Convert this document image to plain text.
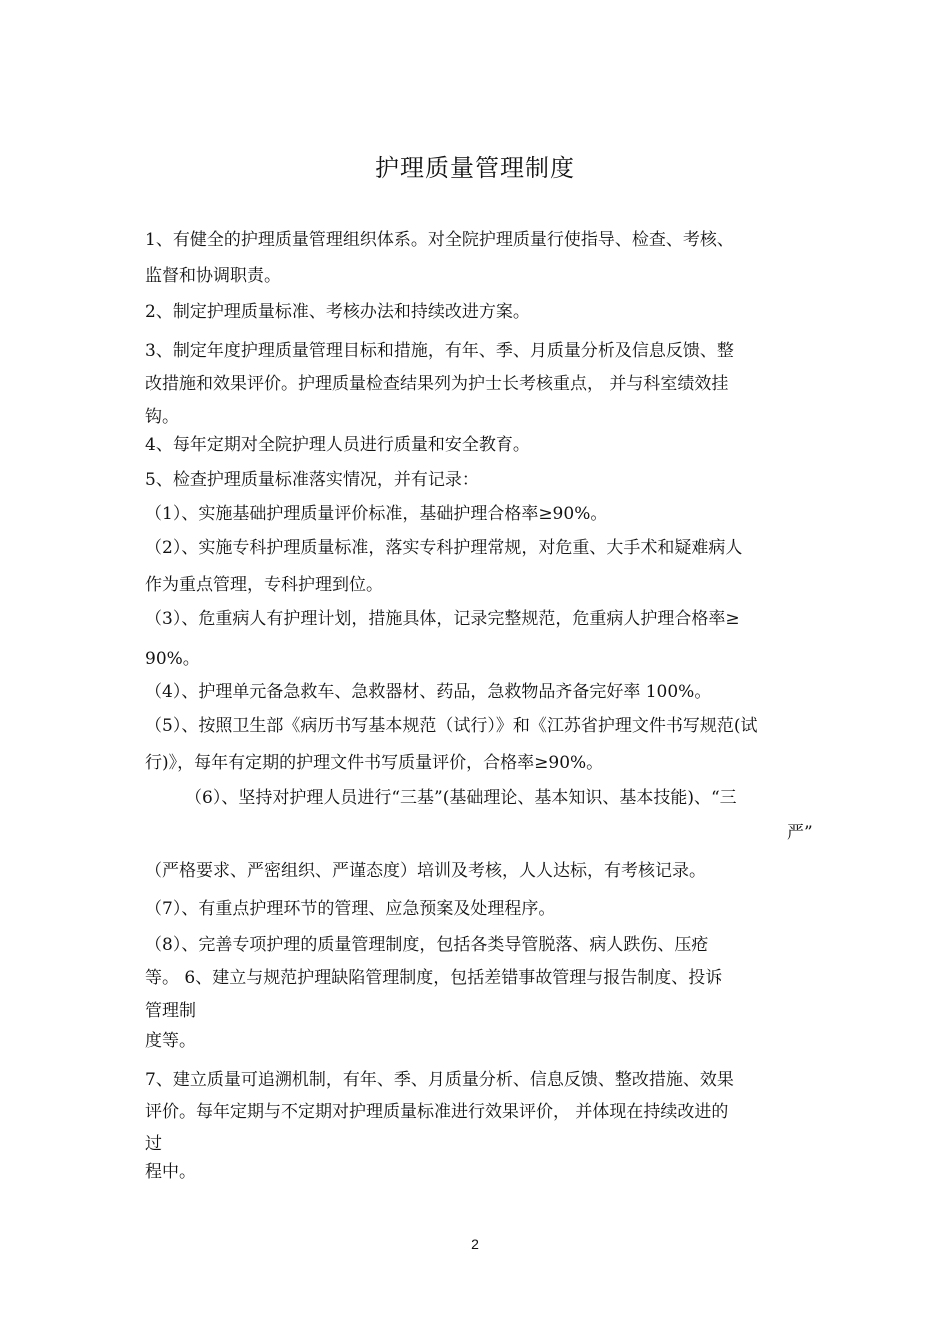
护理质量管理制度
1、有健全的护理质量管理组织体系。对全院护理质量行使指导、检查、考核、
监督和协调职责。
2、制定护理质量标准、考核办法和持续改进方案。
3、制定年度护理质量管理目标和措施，有年、季、月质量分析及信息反馈、整
改措施和效果评价。护理质量检查结果列为护士长考核重点， 并与科室绩效挂
钩。
4、每年定期对全院护理人员进行质量和安全教育。
5、检查护理质量标准落实情况，并有记录：
（1）、实施基础护理质量评价标准，基础护理合格率≥90%。
（2）、实施专科护理质量标准，落实专科护理常规，对危重、大手术和疑难病人
作为重点管理，专科护理到位。
（3）、危重病人有护理计划，措施具体，记录完整规范，危重病人护理合格率≥
90%。
（4）、护理单元备急救车、急救器材、药品，急救物品齐备完好率 100%。
（5）、按照卫生部《病历书写基本规范（试行）》和《江苏省护理文件书写规范(试
行)》，每年有定期的护理文件书写质量评价，合格率≥90%。
（6）、坚持对护理人员进行“三基”(基础理论、基本知识、基本技能)、“三
严”
（严格要求、严密组织、严谨态度）培训及考核，人人达标，有考核记录。
（7）、有重点护理环节的管理、应急预案及处理程序。
（8）、完善专项护理的质量管理制度，包括各类导管脱落、病人跌伤、压疮
等。 6、建立与规范护理缺陷管理制度，包括差错事故管理与报告制度、投诉
管理制
度等。
7、建立质量可追溯机制，有年、季、月质量分析、信息反馈、整改措施、效果
评价。每年定期与不定期对护理质量标准进行效果评价， 并体现在持续改进的
过
程中。
2
